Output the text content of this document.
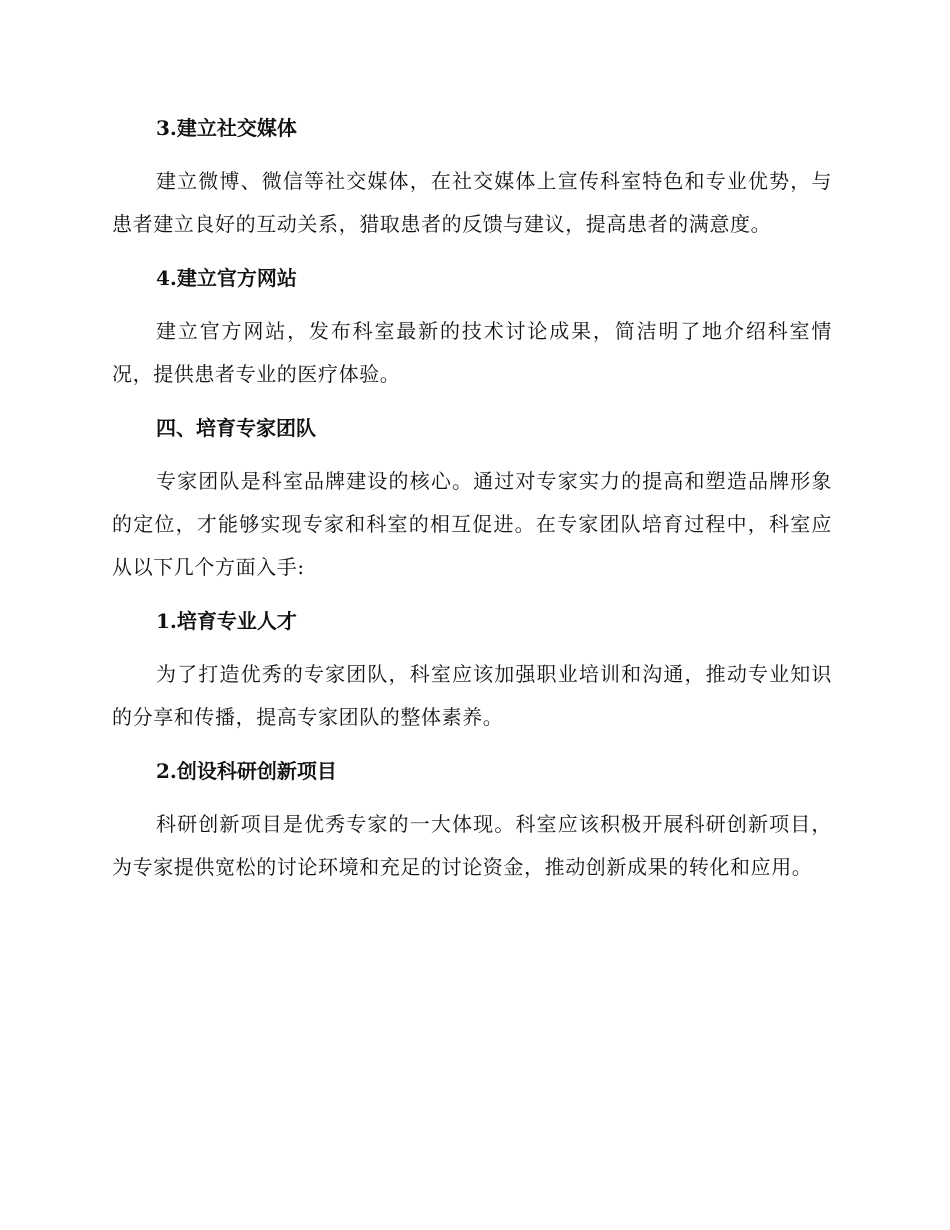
3.建立社交媒体

建立微博、微信等社交媒体，在社交媒体上宣传科室特色和专业优势，与患者建立良好的互动关系，猎取患者的反馈与建议，提高患者的满意度。

4.建立官方网站

建立官方网站，发布科室最新的技术讨论成果，简洁明了地介绍科室情况，提供患者专业的医疗体验。

四、培育专家团队

专家团队是科室品牌建设的核心。通过对专家实力的提高和塑造品牌形象的定位，才能够实现专家和科室的相互促进。在专家团队培育过程中，科室应从以下几个方面入手:

1.培育专业人才

为了打造优秀的专家团队，科室应该加强职业培训和沟通，推动专业知识的分享和传播，提高专家团队的整体素养。

2.创设科研创新项目

科研创新项目是优秀专家的一大体现。科室应该积极开展科研创新项目，为专家提供宽松的讨论环境和充足的讨论资金，推动创新成果的转化和应用。
